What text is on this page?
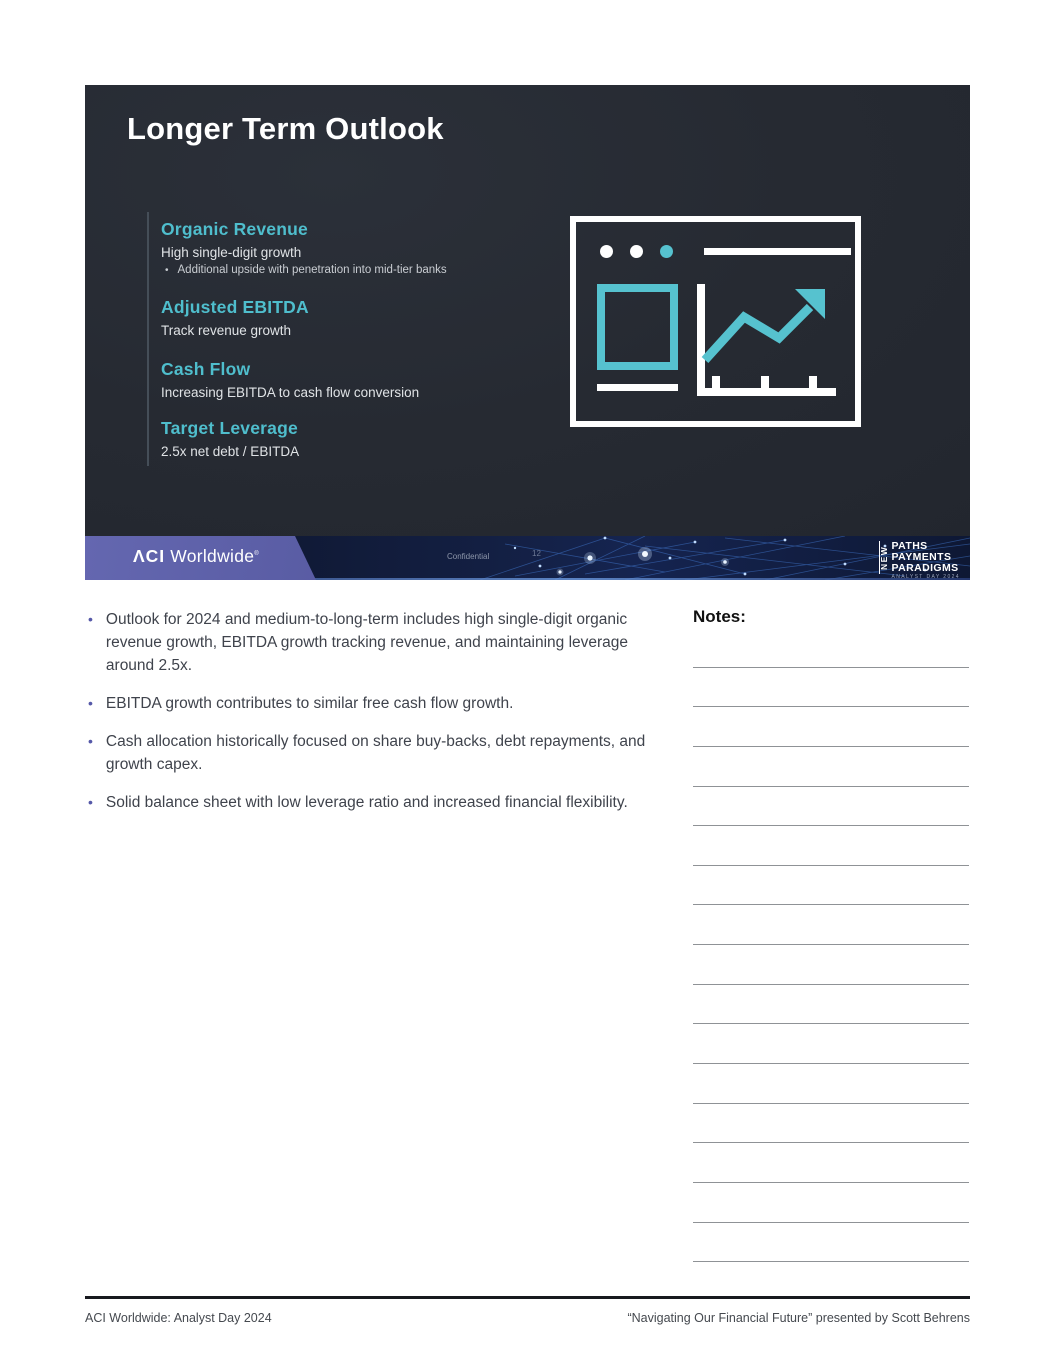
Longer Term Outlook
Organic Revenue
High single-digit growth
• Additional upside with penetration into mid-tier banks
Adjusted EBITDA
Track revenue growth
Cash Flow
Increasing EBITDA to cash flow conversion
Target Leverage
2.5x net debt / EBITDA
ΛCI Worldwide®	Confidential	12	NEW PATHS
PAYMENTS
PARADIGMS
ANALYST DAY 2024
• Outlook for 2024 and medium-to-long-term includes high single-digit organic revenue growth, EBITDA growth tracking revenue, and maintaining leverage around 2.5x.
• EBITDA growth contributes to similar free cash flow growth.
• Cash allocation historically focused on share buy-backs, debt repayments, and growth capex.
• Solid balance sheet with low leverage ratio and increased financial flexibility.
Notes:
ACI Worldwide: Analyst Day 2024	“Navigating Our Financial Future” presented by Scott Behrens
